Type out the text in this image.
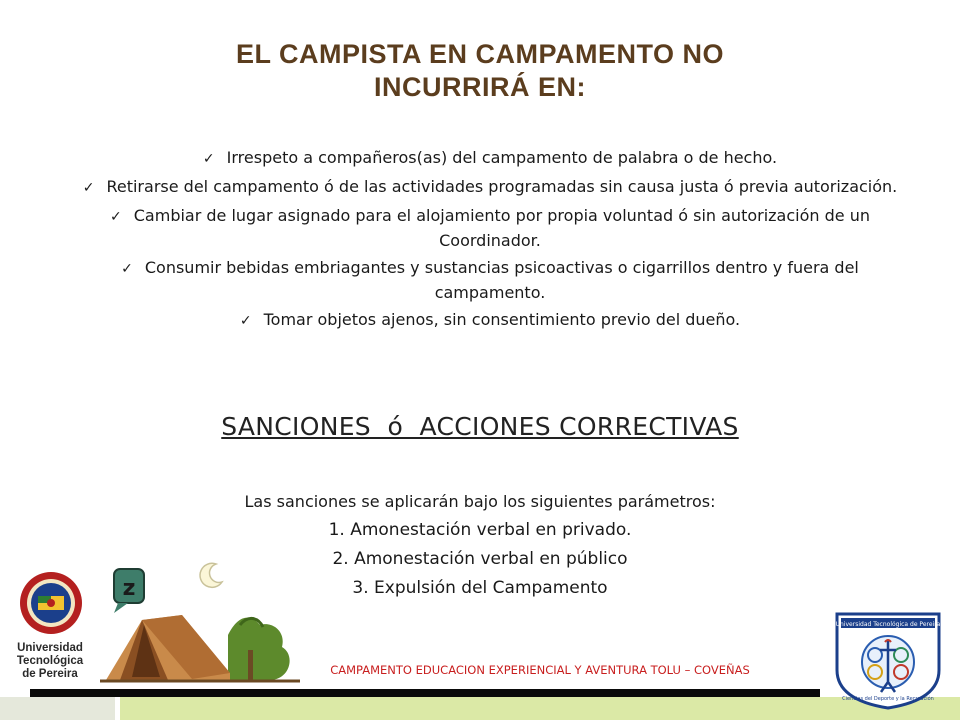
EL CAMPISTA EN CAMPAMENTO NO
INCURRIRÁ EN:
✓ Irrespeto a compañeros(as) del campamento de palabra o de hecho.
✓ Retirarse del campamento ó de las actividades programadas sin causa justa ó previa autorización.
✓ Cambiar de lugar asignado para el alojamiento por propia voluntad ó sin autorización de un Coordinador.
✓ Consumir bebidas embriagantes y sustancias psicoactivas o cigarrillos dentro y fuera del campamento.
✓ Tomar objetos ajenos, sin consentimiento previo del dueño.
SANCIONES  ó  ACCIONES CORRECTIVAS
Las sanciones se aplicarán bajo los siguientes parámetros:
1. Amonestación verbal en privado.
2. Amonestación verbal en público
3. Expulsión del Campamento
Universidad
Tecnológica
de Pereira
z
CAMPAMENTO EDUCACION EXPERIENCIAL Y AVENTURA TOLU – COVEÑAS
Universidad Tecnológica de Pereira
Ciencias del Deporte y la Recreación
